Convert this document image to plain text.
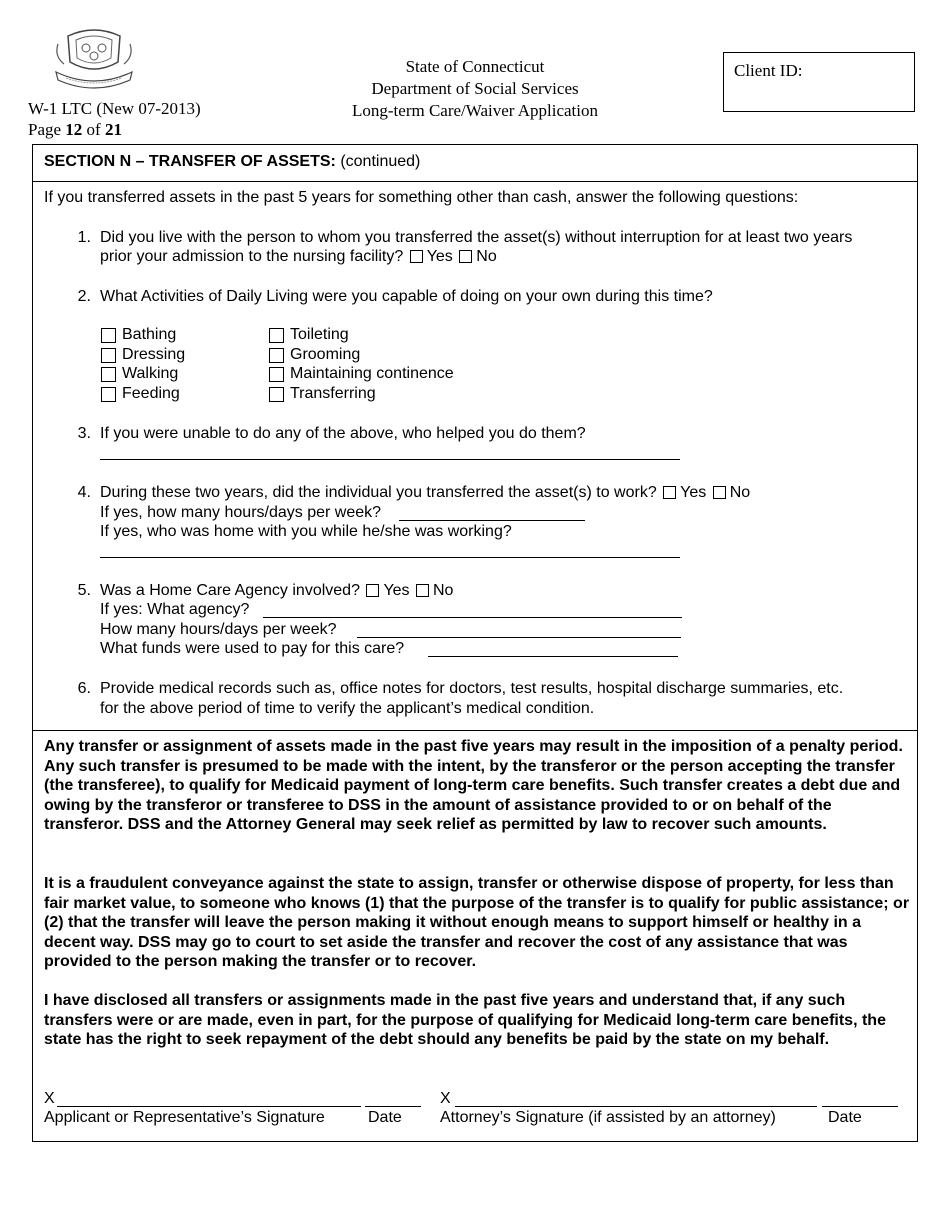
W-1 LTC (New 07-2013)
Page 12 of 21
State of Connecticut
Department of Social Services
Long-term Care/Waiver Application
Client ID:
SECTION N – TRANSFER OF ASSETS: (continued)
If you transferred assets in the past 5 years for something other than cash, answer the following questions:
1. Did you live with the person to whom you transferred the asset(s) without interruption for at least two years
prior your admission to the nursing facility? Yes No
2. What Activities of Daily Living were you capable of doing on your own during this time?
Bathing
Dressing
Walking
Feeding
Toileting
Grooming
Maintaining continence
Transferring
3. If you were unable to do any of the above, who helped you do them?
4. During these two years, did the individual you transferred the asset(s) to work? Yes No
If yes, how many hours/days per week?
If yes, who was home with you while he/she was working?
5. Was a Home Care Agency involved? Yes No
If yes: What agency?
How many hours/days per week?
What funds were used to pay for this care?
6. Provide medical records such as, office notes for doctors, test results, hospital discharge summaries, etc.
for the above period of time to verify the applicant’s medical condition.
Any transfer or assignment of assets made in the past five years may result in the imposition of a penalty period. Any such transfer is presumed to be made with the intent, by the transferor or the person accepting the transfer (the transferee), to qualify for Medicaid payment of long-term care benefits. Such transfer creates a debt due and owing by the transferor or transferee to DSS in the amount of assistance provided to or on behalf of the transferor. DSS and the Attorney General may seek relief as permitted by law to recover such amounts.
It is a fraudulent conveyance against the state to assign, transfer or otherwise dispose of property, for less than fair market value, to someone who knows (1) that the purpose of the transfer is to qualify for public assistance; or (2) that the transfer will leave the person making it without enough means to support himself or healthy in a decent way. DSS may go to court to set aside the transfer and recover the cost of any assistance that was provided to the person making the transfer or to recover.
I have disclosed all transfers or assignments made in the past five years and understand that, if any such transfers were or are made, even in part, for the purpose of qualifying for Medicaid long-term care benefits, the state has the right to seek repayment of the debt should any benefits be paid by the state on my behalf.
X
Applicant or Representative’s Signature	Date
X
Attorney’s Signature (if assisted by an attorney)	Date
